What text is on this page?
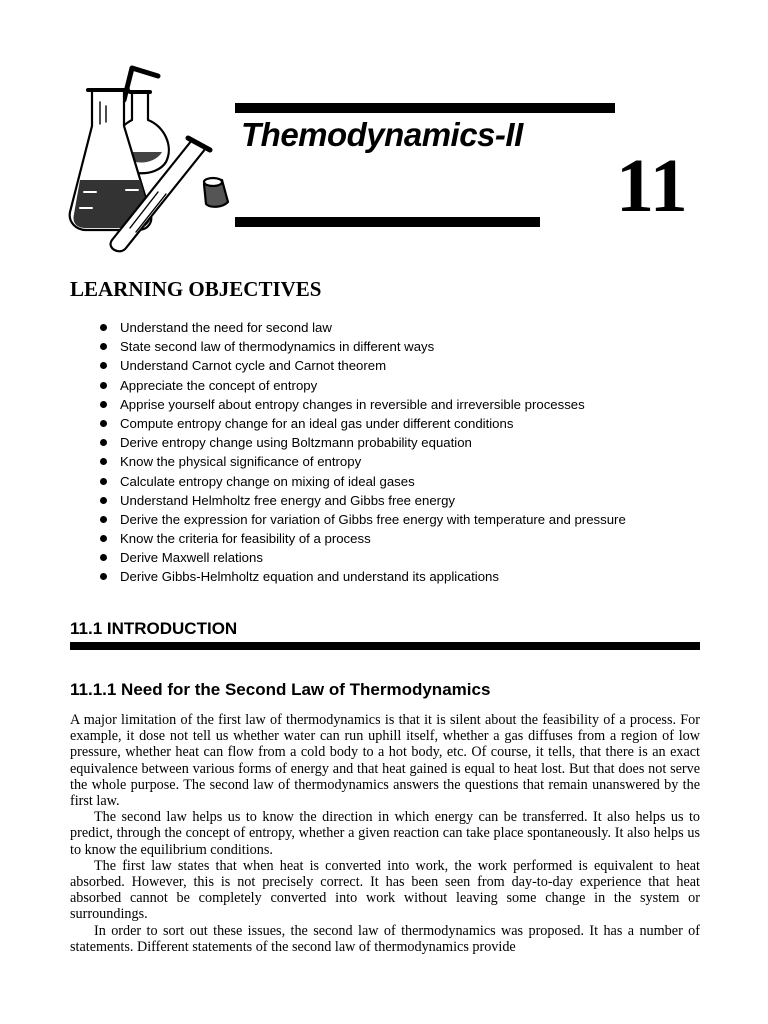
Themodynamics-II
11
LEARNING OBJECTIVES
Understand the need for second law
State second law of thermodynamics in different ways
Understand Carnot cycle and Carnot theorem
Appreciate the concept of entropy
Apprise yourself about entropy changes in reversible and irreversible processes
Compute entropy change for an ideal gas under different conditions
Derive entropy change using Boltzmann probability equation
Know the physical significance of entropy
Calculate entropy change on mixing of ideal gases
Understand Helmholtz free energy and Gibbs free energy
Derive the expression for variation of Gibbs free energy with temperature and pressure
Know the criteria for feasibility of a process
Derive Maxwell relations
Derive Gibbs-Helmholtz equation and understand its applications
11.1 INTRODUCTION
11.1.1 Need for the Second Law of Thermodynamics

A major limitation of the first law of thermodynamics is that it is silent about the feasibility of a process. For example, it dose not tell us whether water can run uphill itself, whether a gas diffuses from a region of low pressure, whether heat can flow from a cold body to a hot body, etc. Of course, it tells, that there is an exact equivalence between various forms of energy and that heat gained is equal to heat lost. But that does not serve the whole purpose. The second law of thermodynamics answers the questions that remain unanswered by the first law.

The second law helps us to know the direction in which energy can be transferred. It also helps us to predict, through the concept of entropy, whether a given reaction can take place spontaneously. It also helps us to know the equilibrium conditions.

The first law states that when heat is converted into work, the work performed is equivalent to heat absorbed. However, this is not precisely correct. It has been seen from day-to-day experience that heat absorbed cannot be completely converted into work without leaving some change in the system or surroundings.

In order to sort out these issues, the second law of thermodynamics was proposed. It has a number of statements. Different statements of the second law of thermodynamics provide
